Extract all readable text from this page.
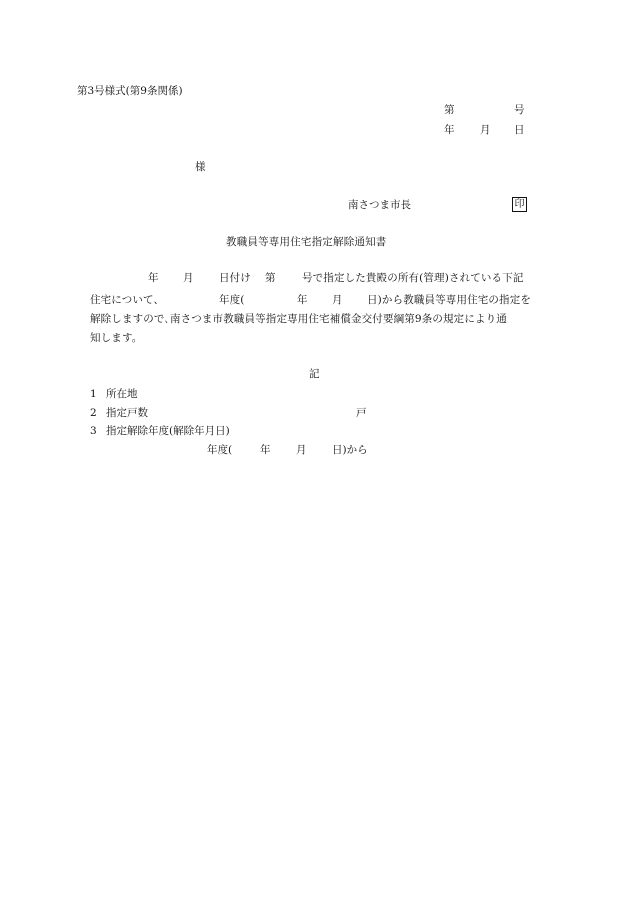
第3号様式(第9条関係)
第	号
年 月 日
様
南さつま市長	印
教職員等専用住宅指定解除通知書
年 月 日付け 第	号で指定した貴殿の所有(管理)されている下記
住宅について、	年度(	年 月 日)から教職員等専用住宅の指定を
解除しますので､南さつま市教職員等指定専用住宅補償金交付要綱第9条の規定により通
知します。
記
1 所在地
2 指定戸数	戸
3 指定解除年度(解除年月日)
年度(	年 月 日)から
